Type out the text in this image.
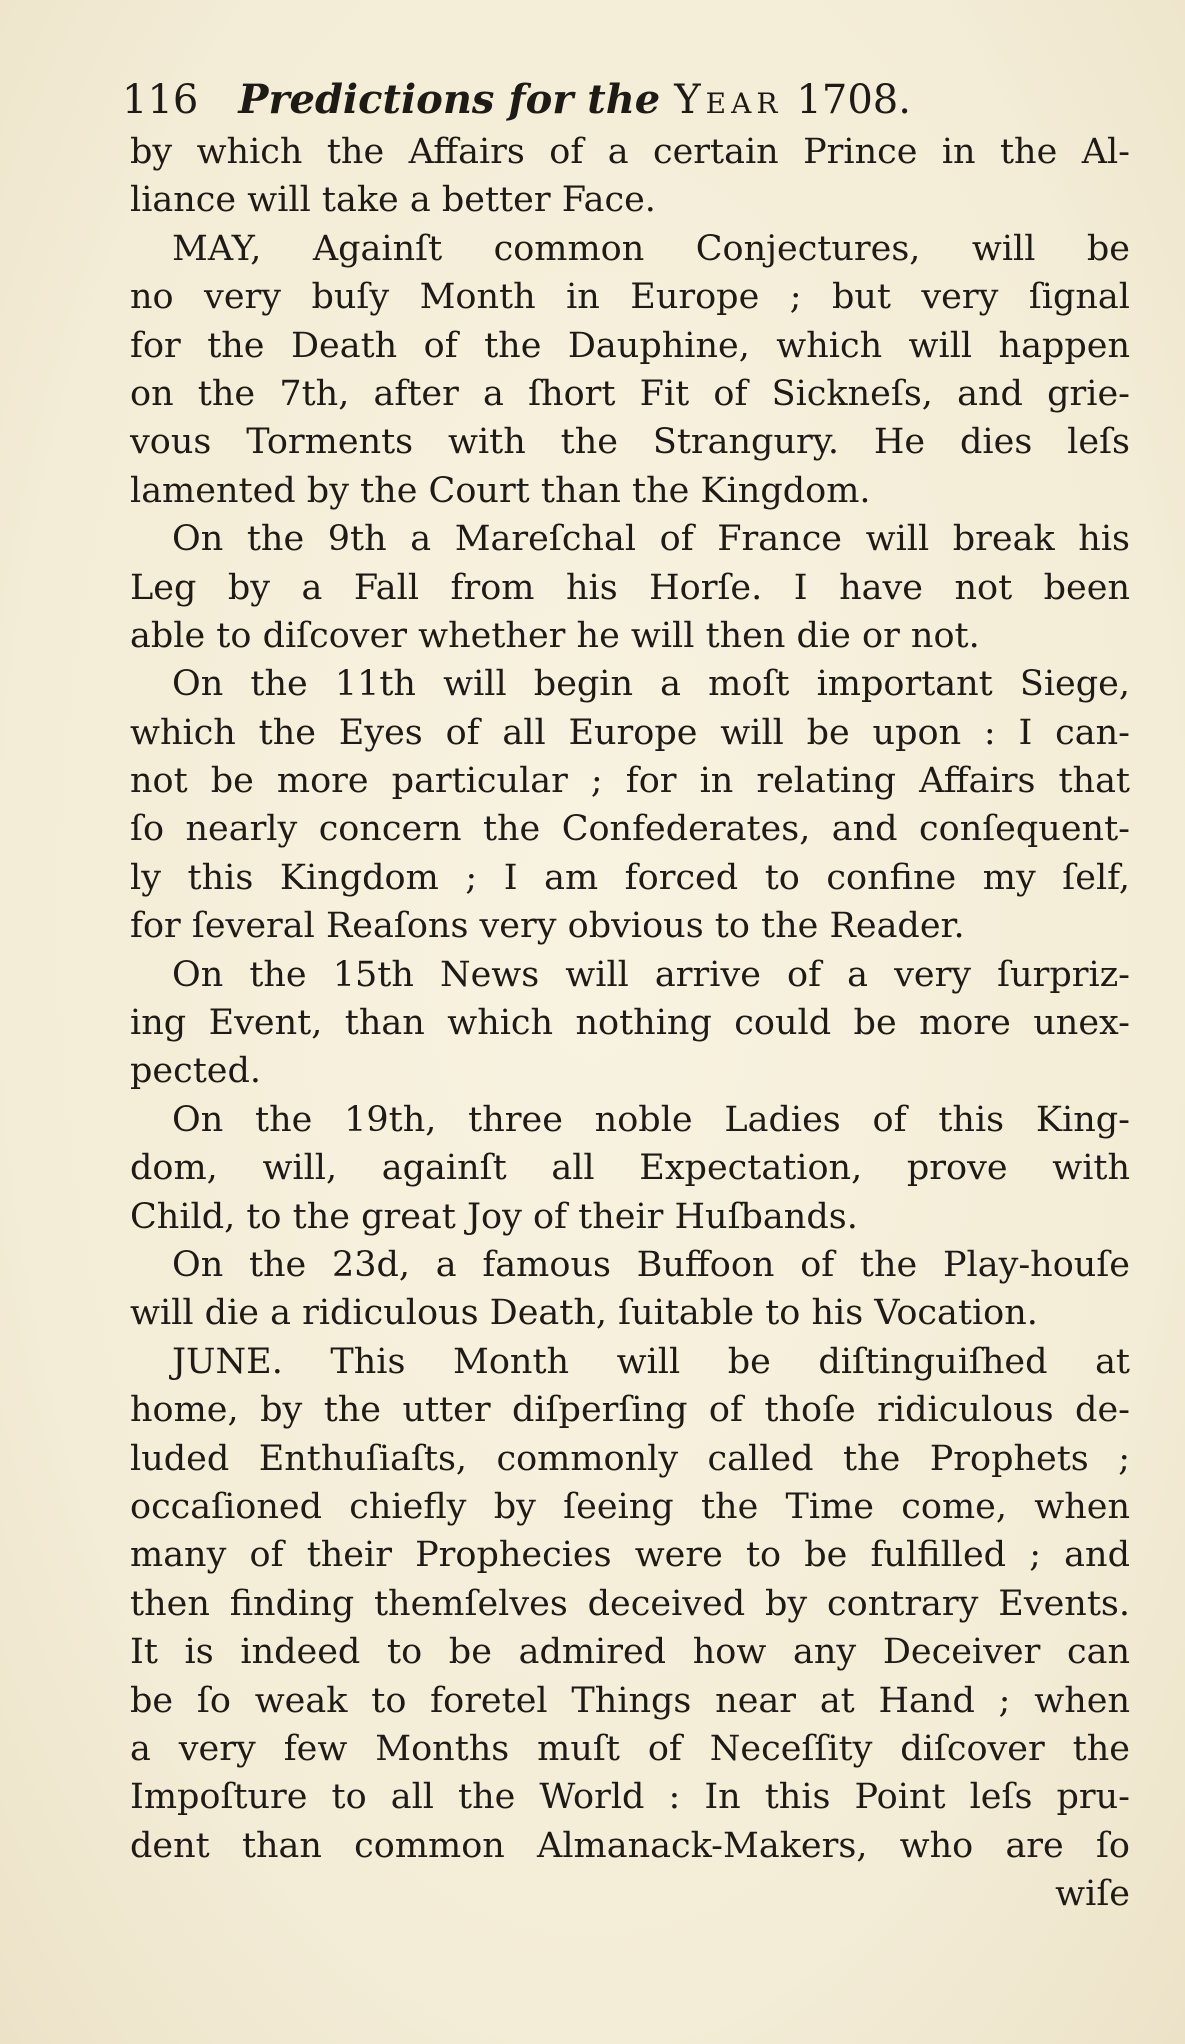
116 Predictions for the Year 1708.
by which the Affairs of a certain Prince in the Al-
liance will take a better Face.
MAY, Againſt common Conjectures, will be
no very buſy Month in Europe ; but very ſignal
for the Death of the Dauphine, which will happen
on the 7th, after a ſhort Fit of Sickneſs, and grie-
vous Torments with the Strangury. He dies leſs
lamented by the Court than the Kingdom.
On the 9th a Mareſchal of France will break his
Leg by a Fall from his Horſe. I have not been
able to diſcover whether he will then die or not.
On the 11th will begin a moſt important Siege,
which the Eyes of all Europe will be upon : I can-
not be more particular ; for in relating Affairs that
ſo nearly concern the Confederates, and conſequent-
ly this Kingdom ; I am forced to confine my ſelf,
for ſeveral Reaſons very obvious to the Reader.
On the 15th News will arrive of a very ſurpriz-
ing Event, than which nothing could be more unex-
pected.
On the 19th, three noble Ladies of this King-
dom, will, againſt all Expectation, prove with
Child, to the great Joy of their Huſbands.
On the 23d, a famous Buffoon of the Play-houſe
will die a ridiculous Death, ſuitable to his Vocation.
JUNE. This Month will be diſtinguiſhed at
home, by the utter diſperſing of thoſe ridiculous de-
luded Enthuſiaſts, commonly called the Prophets ;
occaſioned chiefly by ſeeing the Time come, when
many of their Prophecies were to be fulfilled ; and
then finding themſelves deceived by contrary Events.
It is indeed to be admired how any Deceiver can
be ſo weak to foretel Things near at Hand ; when
a very few Months muſt of Neceſſity diſcover the
Impoſture to all the World : In this Point leſs pru-
dent than common Almanack-Makers, who are ſo
wiſe
